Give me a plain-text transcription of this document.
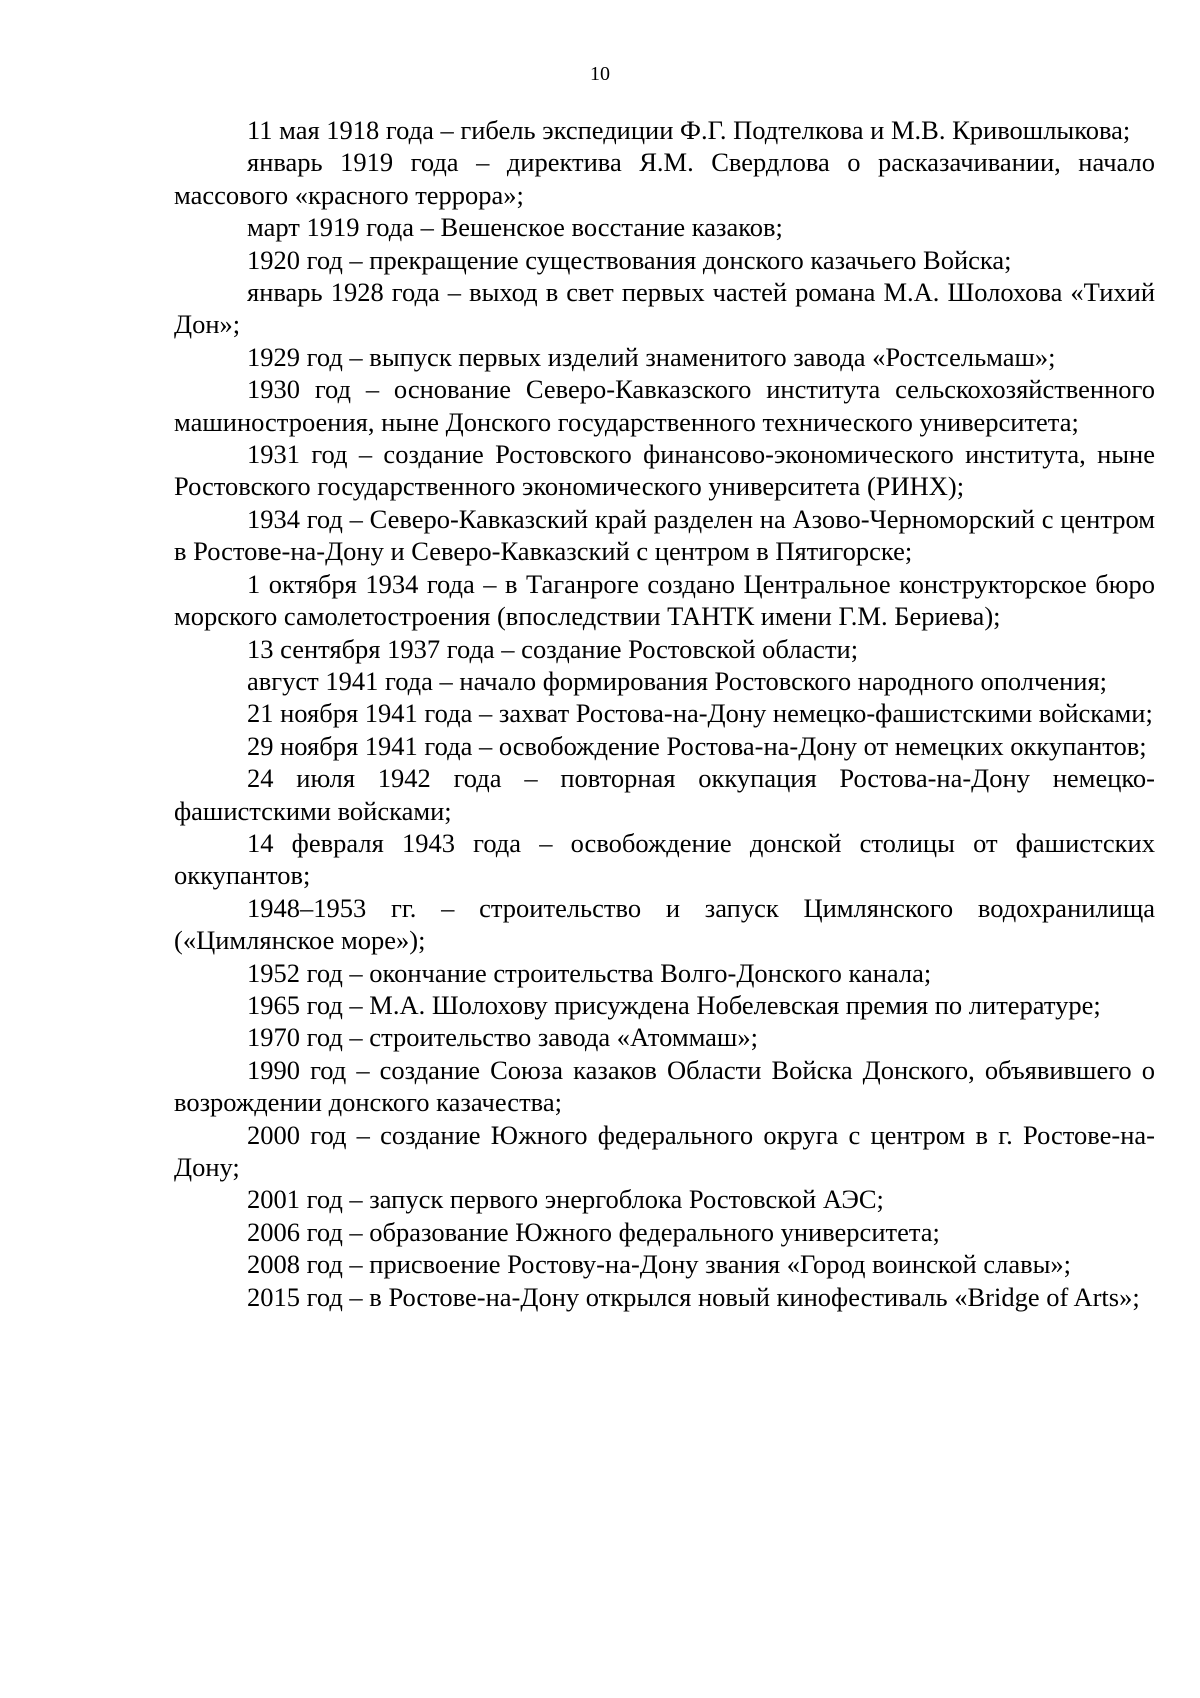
10

11 мая 1918 года – гибель экспедиции Ф.Г. Подтелкова и М.В. Кривошлыкова;

январь 1919 года – директива Я.М. Свердлова о расказачивании, начало массового «красного террора»;

март 1919 года – Вешенское восстание казаков;

1920 год – прекращение существования донского казачьего Войска;

январь 1928 года – выход в свет первых частей романа М.А. Шолохова «Тихий Дон»;

1929 год – выпуск первых изделий знаменитого завода «Ростсельмаш»;

1930 год – основание Северо-Кавказского института сельскохозяйственного машиностроения, ныне Донского государственного технического университета;

1931 год – создание Ростовского финансово-экономического института, ныне Ростовского государственного экономического университета (РИНХ);

1934 год – Северо-Кавказский край разделен на Азово-Черноморский с центром в Ростове-на-Дону и Северо-Кавказский с центром в Пятигорске;

1 октября 1934 года – в Таганроге создано Центральное конструкторское бюро морского самолетостроения (впоследствии ТАНТК имени Г.М. Бериева);

13 сентября 1937 года – создание Ростовской области;

август 1941 года – начало формирования Ростовского народного ополчения;

21 ноября 1941 года – захват Ростова-на-Дону немецко-фашистскими войсками;

29 ноября 1941 года – освобождение Ростова-на-Дону от немецких оккупантов;

24 июля 1942 года – повторная оккупация Ростова-на-Дону немецко-фашистскими войсками;

14 февраля 1943 года – освобождение донской столицы от фашистских оккупантов;

1948–1953 гг. – строительство и запуск Цимлянского водохранилища («Цимлянское море»);

1952 год – окончание строительства Волго-Донского канала;

1965 год – М.А. Шолохову присуждена Нобелевская премия по литературе;

1970 год – строительство завода «Атоммаш»;

1990 год – создание Союза казаков Области Войска Донского, объявившего о возрождении донского казачества;

2000 год – создание Южного федерального округа с центром в г. Ростове-на-Дону;

2001 год – запуск первого энергоблока Ростовской АЭС;

2006 год – образование Южного федерального университета;

2008 год – присвоение Ростову-на-Дону звания «Город воинской славы»;

2015 год – в Ростове-на-Дону открылся новый кинофестиваль «Bridge of Arts»;
